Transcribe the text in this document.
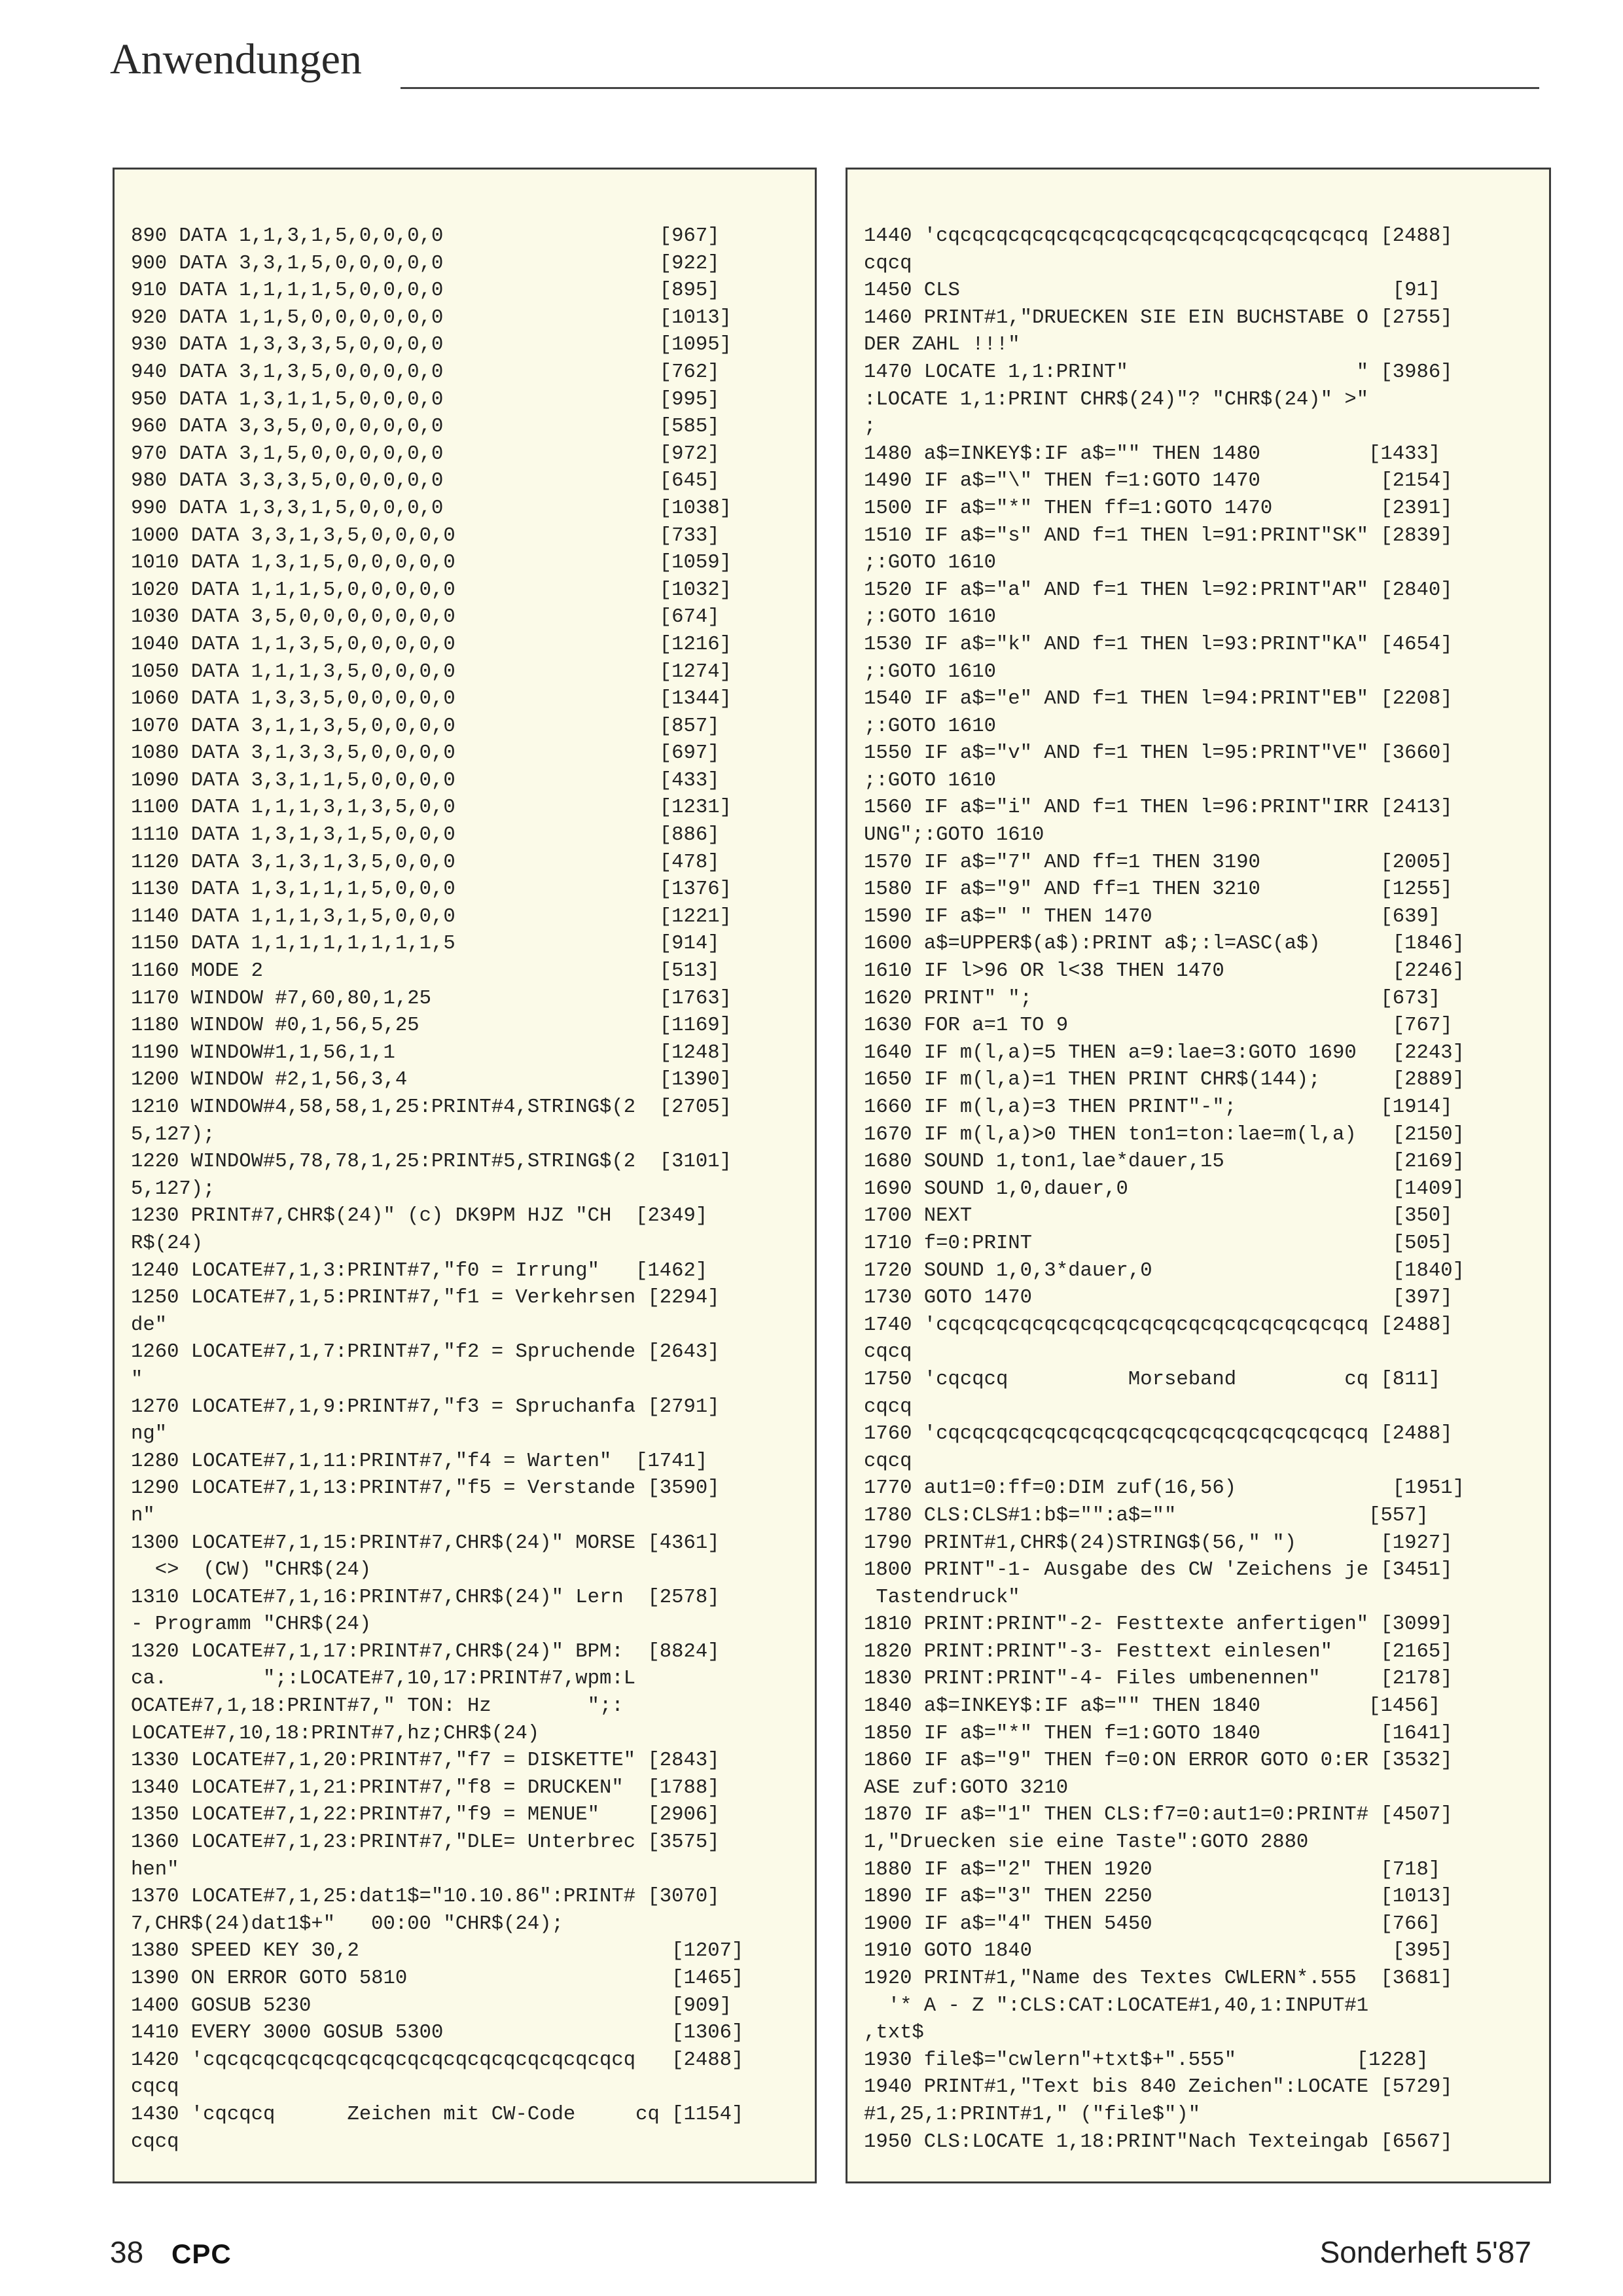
Anwendungen
890 DATA 1,1,3,1,5,0,0,0,0                  [967]
900 DATA 3,3,1,5,0,0,0,0,0                  [922]
910 DATA 1,1,1,1,5,0,0,0,0                  [895]
920 DATA 1,1,5,0,0,0,0,0,0                  [1013]
930 DATA 1,3,3,3,5,0,0,0,0                  [1095]
940 DATA 3,1,3,5,0,0,0,0,0                  [762]
950 DATA 1,3,1,1,5,0,0,0,0                  [995]
960 DATA 3,3,5,0,0,0,0,0,0                  [585]
970 DATA 3,1,5,0,0,0,0,0,0                  [972]
980 DATA 3,3,3,5,0,0,0,0,0                  [645]
990 DATA 1,3,3,1,5,0,0,0,0                  [1038]
1000 DATA 3,3,1,3,5,0,0,0,0                 [733]
1010 DATA 1,3,1,5,0,0,0,0,0                 [1059]
1020 DATA 1,1,1,5,0,0,0,0,0                 [1032]
1030 DATA 3,5,0,0,0,0,0,0,0                 [674]
1040 DATA 1,1,3,5,0,0,0,0,0                 [1216]
1050 DATA 1,1,1,3,5,0,0,0,0                 [1274]
1060 DATA 1,3,3,5,0,0,0,0,0                 [1344]
1070 DATA 3,1,1,3,5,0,0,0,0                 [857]
1080 DATA 3,1,3,3,5,0,0,0,0                 [697]
1090 DATA 3,3,1,1,5,0,0,0,0                 [433]
1100 DATA 1,1,1,3,1,3,5,0,0                 [1231]
1110 DATA 1,3,1,3,1,5,0,0,0                 [886]
1120 DATA 3,1,3,1,3,5,0,0,0                 [478]
1130 DATA 1,3,1,1,1,5,0,0,0                 [1376]
1140 DATA 1,1,1,3,1,5,0,0,0                 [1221]
1150 DATA 1,1,1,1,1,1,1,1,5                 [914]
1160 MODE 2                                 [513]
1170 WINDOW #7,60,80,1,25                   [1763]
1180 WINDOW #0,1,56,5,25                    [1169]
1190 WINDOW#1,1,56,1,1                      [1248]
1200 WINDOW #2,1,56,3,4                     [1390]
1210 WINDOW#4,58,58,1,25:PRINT#4,STRING$(2  [2705]
5,127);
1220 WINDOW#5,78,78,1,25:PRINT#5,STRING$(2  [3101]
5,127);
1230 PRINT#7,CHR$(24)" (c) DK9PM HJZ "CH  [2349]
R$(24)
1240 LOCATE#7,1,3:PRINT#7,"f0 = Irrung"   [1462]
1250 LOCATE#7,1,5:PRINT#7,"f1 = Verkehrsen [2294]
de"
1260 LOCATE#7,1,7:PRINT#7,"f2 = Spruchende [2643]
"
1270 LOCATE#7,1,9:PRINT#7,"f3 = Spruchanfa [2791]
ng"
1280 LOCATE#7,1,11:PRINT#7,"f4 = Warten"  [1741]
1290 LOCATE#7,1,13:PRINT#7,"f5 = Verstande [3590]
n"
1300 LOCATE#7,1,15:PRINT#7,CHR$(24)" MORSE [4361]
<>  (CW) "CHR$(24)
1310 LOCATE#7,1,16:PRINT#7,CHR$(24)" Lern  [2578]
- Programm "CHR$(24)
1320 LOCATE#7,1,17:PRINT#7,CHR$(24)" BPM:  [8824]
ca.        ";:LOCATE#7,10,17:PRINT#7,wpm:L
OCATE#7,1,18:PRINT#7," TON: Hz        ";:
LOCATE#7,10,18:PRINT#7,hz;CHR$(24)
1330 LOCATE#7,1,20:PRINT#7,"f7 = DISKETTE" [2843]
1340 LOCATE#7,1,21:PRINT#7,"f8 = DRUCKEN"  [1788]
1350 LOCATE#7,1,22:PRINT#7,"f9 = MENUE"    [2906]
1360 LOCATE#7,1,23:PRINT#7,"DLE= Unterbrec [3575]
hen"
1370 LOCATE#7,1,25:dat1$="10.10.86":PRINT# [3070]
7,CHR$(24)dat1$+"   00:00 "CHR$(24);
1380 SPEED KEY 30,2                          [1207]
1390 ON ERROR GOTO 5810                      [1465]
1400 GOSUB 5230                              [909]
1410 EVERY 3000 GOSUB 5300                   [1306]
1420 'cqcqcqcqcqcqcqcqcqcqcqcqcqcqcqcqcqcq   [2488]
cqcq
1430 'cqcqcq      Zeichen mit CW-Code     cq [1154]
cqcq
1440 'cqcqcqcqcqcqcqcqcqcqcqcqcqcqcqcqcqcq [2488]
cqcq
1450 CLS                                    [91]
1460 PRINT#1,"DRUECKEN SIE EIN BUCHSTABE O [2755]
DER ZAHL !!!"
1470 LOCATE 1,1:PRINT"                   " [3986]
:LOCATE 1,1:PRINT CHR$(24)"? "CHR$(24)" >"
;
1480 a$=INKEY$:IF a$="" THEN 1480         [1433]
1490 IF a$="\" THEN f=1:GOTO 1470          [2154]
1500 IF a$="*" THEN ff=1:GOTO 1470         [2391]
1510 IF a$="s" AND f=1 THEN l=91:PRINT"SK" [2839]
;:GOTO 1610
1520 IF a$="a" AND f=1 THEN l=92:PRINT"AR" [2840]
;:GOTO 1610
1530 IF a$="k" AND f=1 THEN l=93:PRINT"KA" [4654]
;:GOTO 1610
1540 IF a$="e" AND f=1 THEN l=94:PRINT"EB" [2208]
;:GOTO 1610
1550 IF a$="v" AND f=1 THEN l=95:PRINT"VE" [3660]
;:GOTO 1610
1560 IF a$="i" AND f=1 THEN l=96:PRINT"IRR [2413]
UNG";:GOTO 1610
1570 IF a$="7" AND ff=1 THEN 3190          [2005]
1580 IF a$="9" AND ff=1 THEN 3210          [1255]
1590 IF a$=" " THEN 1470                   [639]
1600 a$=UPPER$(a$):PRINT a$;:l=ASC(a$)      [1846]
1610 IF l>96 OR l<38 THEN 1470              [2246]
1620 PRINT" ";                             [673]
1630 FOR a=1 TO 9                           [767]
1640 IF m(l,a)=5 THEN a=9:lae=3:GOTO 1690   [2243]
1650 IF m(l,a)=1 THEN PRINT CHR$(144);      [2889]
1660 IF m(l,a)=3 THEN PRINT"-";            [1914]
1670 IF m(l,a)>0 THEN ton1=ton:lae=m(l,a)   [2150]
1680 SOUND 1,ton1,lae*dauer,15              [2169]
1690 SOUND 1,0,dauer,0                      [1409]
1700 NEXT                                   [350]
1710 f=0:PRINT                              [505]
1720 SOUND 1,0,3*dauer,0                    [1840]
1730 GOTO 1470                              [397]
1740 'cqcqcqcqcqcqcqcqcqcqcqcqcqcqcqcqcqcq [2488]
cqcq
1750 'cqcqcq          Morseband         cq [811]
cqcq
1760 'cqcqcqcqcqcqcqcqcqcqcqcqcqcqcqcqcqcq [2488]
cqcq
1770 aut1=0:ff=0:DIM zuf(16,56)             [1951]
1780 CLS:CLS#1:b$="":a$=""                [557]
1790 PRINT#1,CHR$(24)STRING$(56," ")       [1927]
1800 PRINT"-1- Ausgabe des CW 'Zeichens je [3451]
Tastendruck"
1810 PRINT:PRINT"-2- Festtexte anfertigen" [3099]
1820 PRINT:PRINT"-3- Festtext einlesen"    [2165]
1830 PRINT:PRINT"-4- Files umbenennen"     [2178]
1840 a$=INKEY$:IF a$="" THEN 1840         [1456]
1850 IF a$="*" THEN f=1:GOTO 1840          [1641]
1860 IF a$="9" THEN f=0:ON ERROR GOTO 0:ER [3532]
ASE zuf:GOTO 3210
1870 IF a$="1" THEN CLS:f7=0:aut1=0:PRINT# [4507]
1,"Druecken sie eine Taste":GOTO 2880
1880 IF a$="2" THEN 1920                   [718]
1890 IF a$="3" THEN 2250                   [1013]
1900 IF a$="4" THEN 5450                   [766]
1910 GOTO 1840                              [395]
1920 PRINT#1,"Name des Textes CWLERN*.555  [3681]
'* A - Z ":CLS:CAT:LOCATE#1,40,1:INPUT#1
,txt$
1930 file$="cwlern"+txt$+".555"          [1228]
1940 PRINT#1,"Text bis 840 Zeichen":LOCATE [5729]
#1,25,1:PRINT#1," ("file$")"
1950 CLS:LOCATE 1,18:PRINT"Nach Texteingab [6567]
38 CPC	Sonderheft 5'87
